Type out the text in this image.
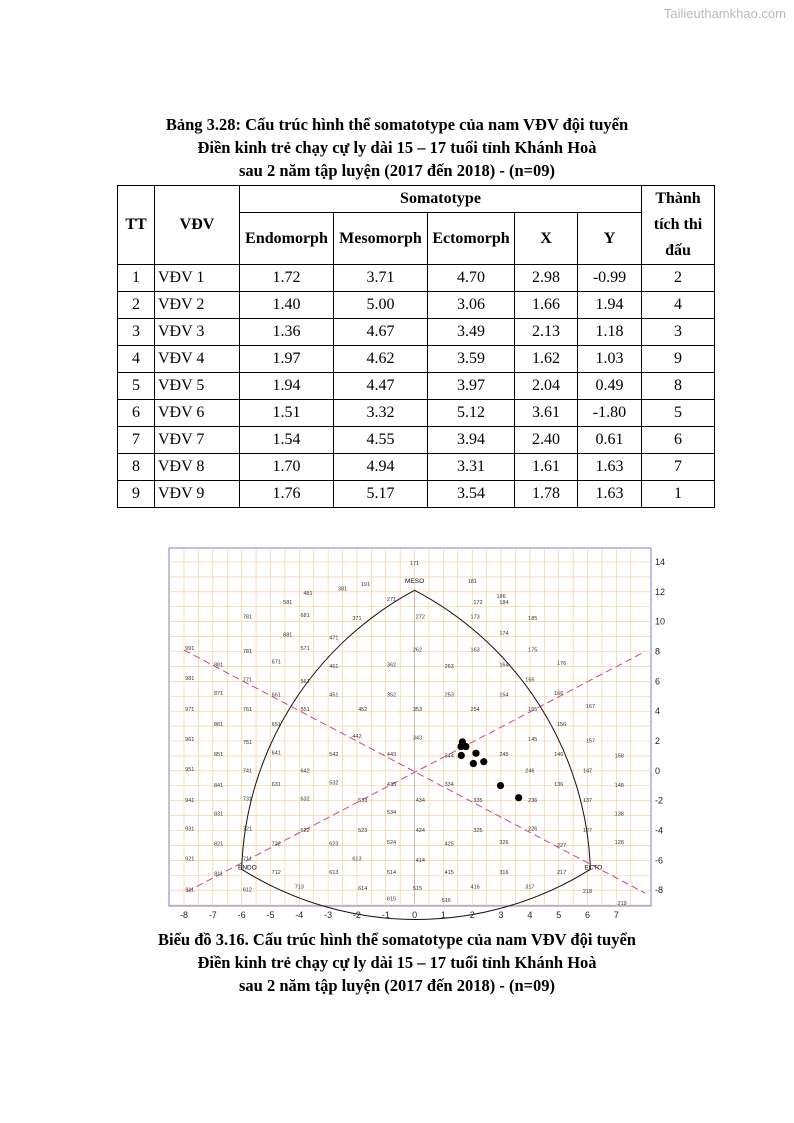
Tailieuthamkhao.com
Bảng 3.28: Cấu trúc hình thể somatotype của nam VĐV đội tuyển
Điền kinh trẻ chạy cự ly dài 15 – 17 tuổi tỉnh Khánh Hoà
sau 2 năm tập luyện (2017 đến 2018) - (n=09)
TT	VĐV	Somatotype					Thành
tích thi
đấu

		Endomorph	Mesomorph	Ectomorph	X	Y	
1	VĐV 1	1.72	3.71	4.70	2.98	-0.99	2
2	VĐV 2	1.40	5.00	3.06	1.66	1.94	4
3	VĐV 3	1.36	4.67	3.49	2.13	1.18	3
4	VĐV 4	1.97	4.62	3.59	1.62	1.03	9
5	VĐV 5	1.94	4.47	3.97	2.04	0.49	8
6	VĐV 6	1.51	3.32	5.12	3.61	-1.80	5
7	VĐV 7	1.54	4.55	3.94	2.40	0.61	6
8	VĐV 8	1.70	4.94	3.31	1.61	1.63	7
9	VĐV 9	1.76	5.17	3.54	1.78	1.63	1
171
181
191
271	172
481
581
381
186
184
781	681	371	272	173	185
881
571
471
174
991	781	262	163	175
881	671
461	362	263	164	176
981	771	561	165
871	661	451	352	253	154	166
971	761	551	452	353	254	155	167
861	651	156
961	751
442	343	145	157
851	641	542	443	344	245	146	158
951	741	642	246	147
841	631	532	433	334	136	148
941	731	632	533	434	335	236	137
831	534	138
931	721	622	523	424	325	226	127
821	722	623	524	425	326	227	128
921	613
711	414
811	712	613	514	415	316	217
911	612	713	614	515	416	317
218
615	516	219
MESO
ENDO	ECTO
-8 -7 -6 -5 -4 -3 -2 -1 0	1	2	3	4	5	6	7
14
12
10
8
6
4
2
0
-2
-4
-6
-8
Biểu đồ 3.16. Cấu trúc hình thể somatotype của nam VĐV đội tuyển
Điền kinh trẻ chạy cự ly dài 15 – 17 tuổi tỉnh Khánh Hoà
sau 2 năm tập luyện (2017 đến 2018) - (n=09)
